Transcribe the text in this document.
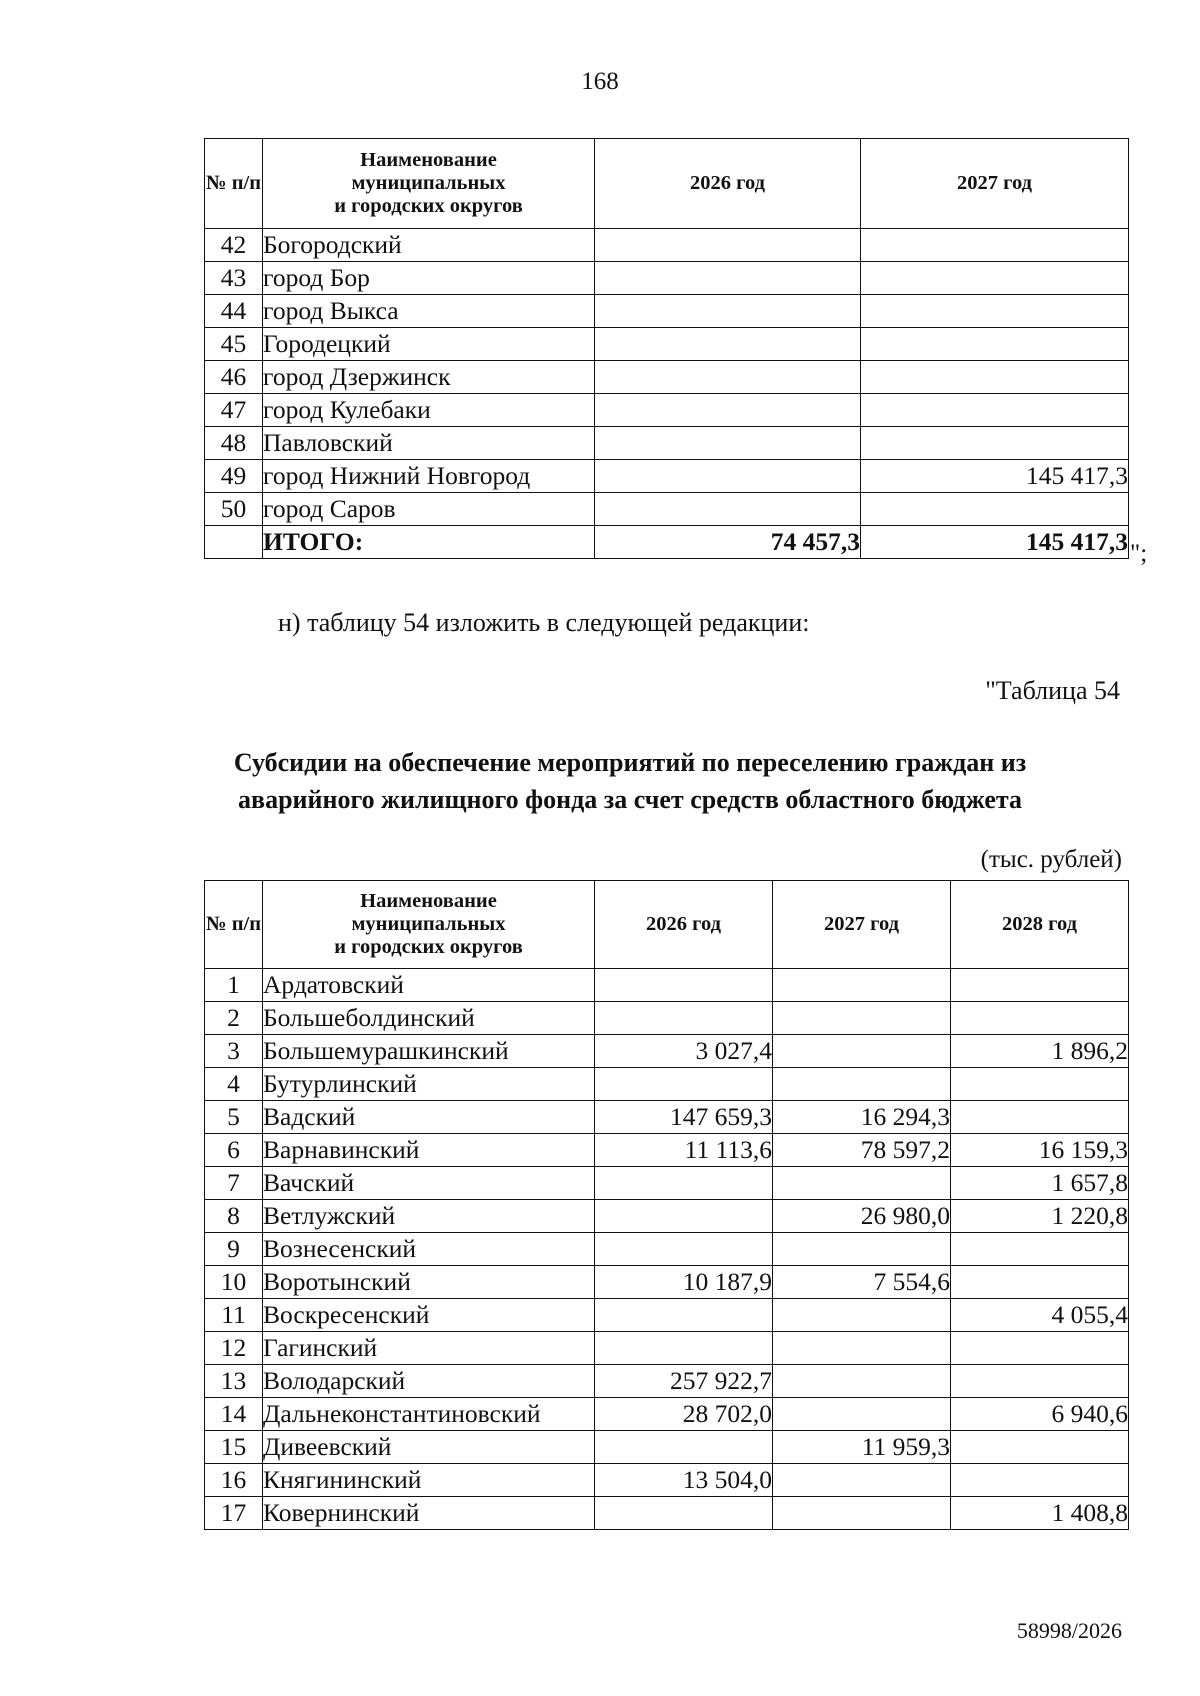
168
№ п/п	Наименование
муниципальных
и городских округов	2026 год	2027 год
42	Богородский		
43	город Бор		
44	город Выкса		
45	Городецкий		
46	город Дзержинск		
47	город Кулебаки		
48	Павловский		
49	город Нижний Новгород		145 417,3
50	город Саров		
	ИТОГО:	74 457,3	145 417,3 ";
н) таблицу 54 изложить в следующей редакции:
"Таблица 54
Субсидии на обеспечение мероприятий по переселению граждан из
аварийного жилищного фонда за счет средств областного бюджета
(тыс. рублей)
№ п/п	Наименование
муниципальных
и городских округов	2026 год	2027 год	2028 год
1	Ардатовский			
2	Большеболдинский			
3	Большемурашкинский	3 027,4		1 896,2
4	Бутурлинский			
5	Вадский	147 659,3	16 294,3	
6	Варнавинский	11 113,6	78 597,2	16 159,3
7	Вачский			1 657,8
8	Ветлужский		26 980,0	1 220,8
9	Вознесенский			
10	Воротынский	10 187,9	7 554,6	
11	Воскресенский			4 055,4
12	Гагинский			
13	Володарский	257 922,7		
14	Дальнеконстантиновский	28 702,0		6 940,6
15	Дивеевский		11 959,3	
16	Княгининский	13 504,0		
17	Ковернинский			1 408,8
58998/2026
